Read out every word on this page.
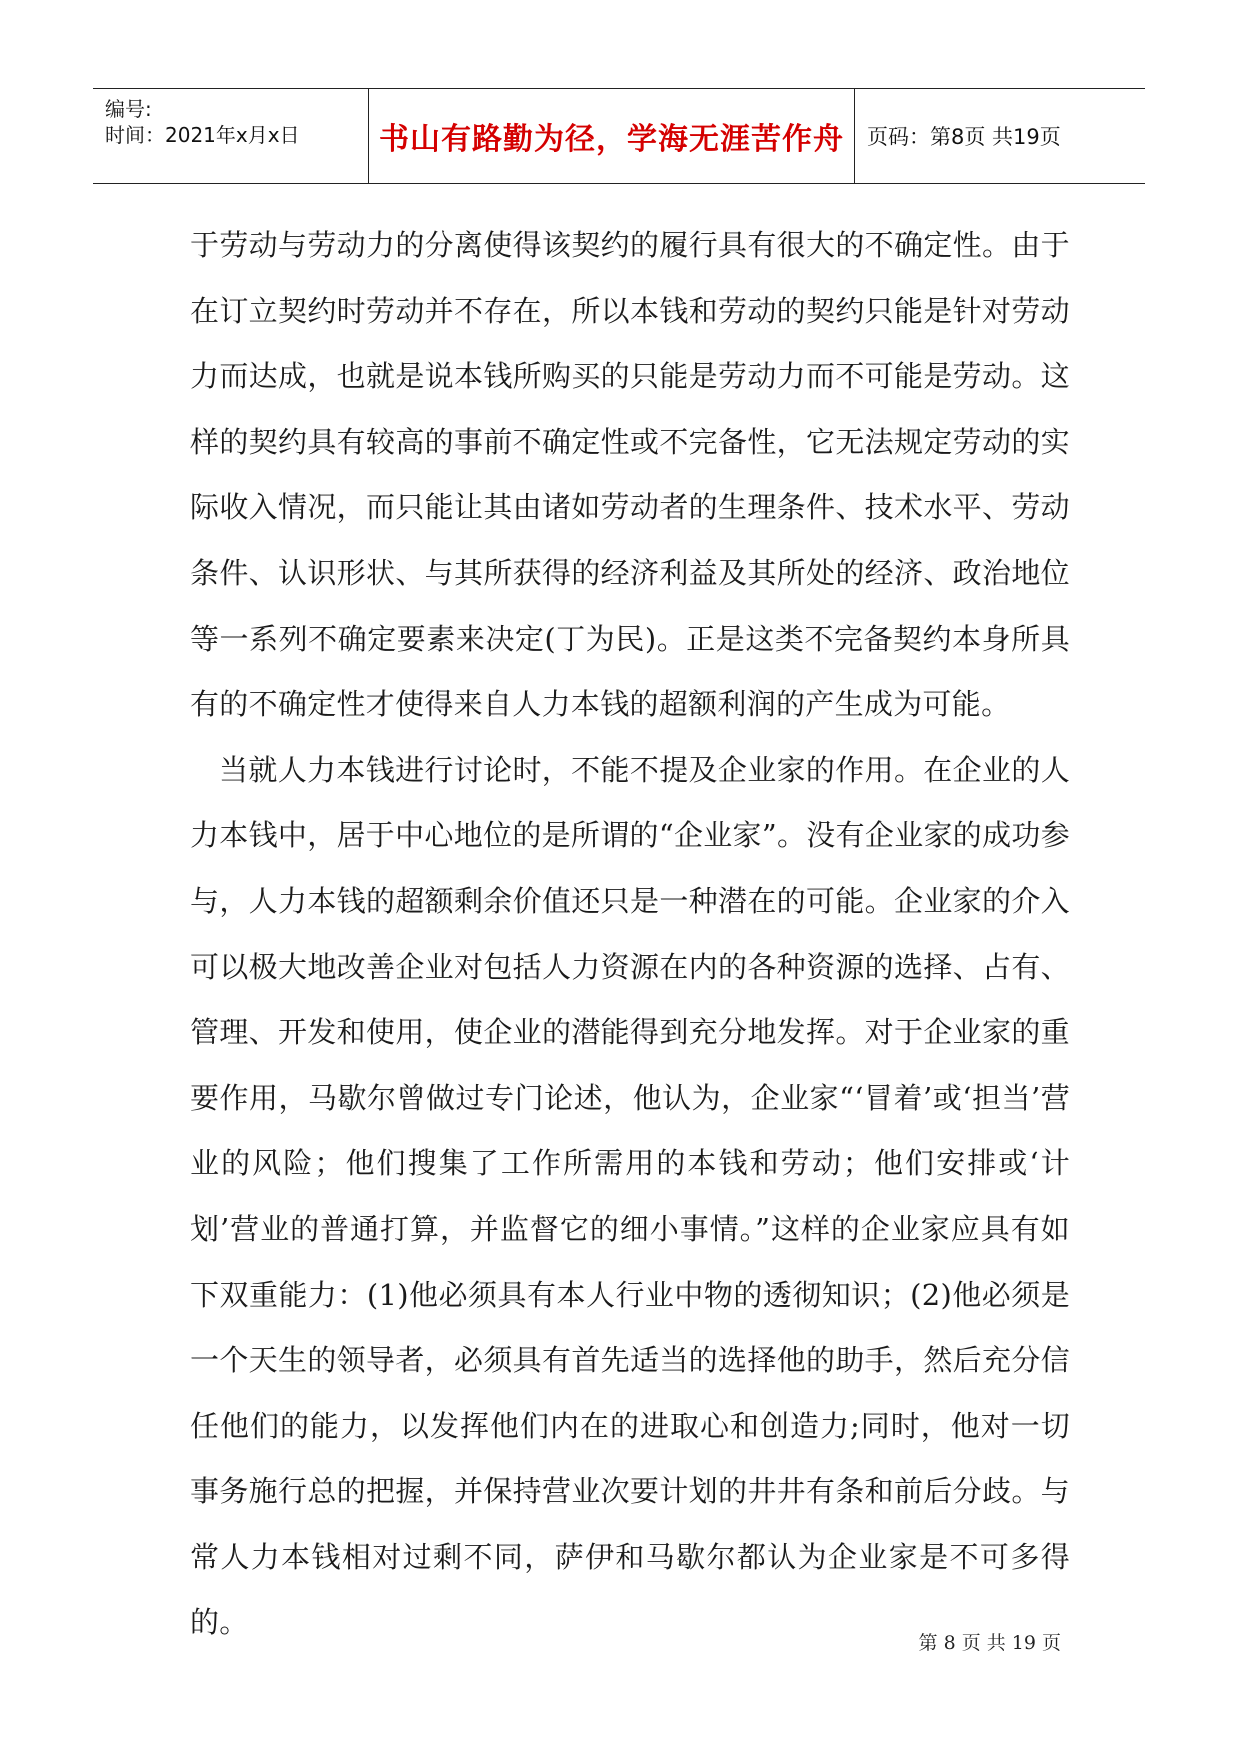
编号:
时间：2021年x月x日	书山有路勤为径，学海无涯苦作舟 页码：第8页 共19页

于劳动与劳动力的分离使得该契约的履行具有很大的不确定性。由于在订立契约时劳动并不存在，所以本钱和劳动的契约只能是针对劳动力而达成，也就是说本钱所购买的只能是劳动力而不可能是劳动。这样的契约具有较高的事前不确定性或不完备性，它无法规定劳动的实际收入情况，而只能让其由诸如劳动者的生理条件、技术水平、劳动条件、认识形状、与其所获得的经济利益及其所处的经济、政治地位等一系列不确定要素来决定(丁为民)。正是这类不完备契约本身所具有的不确定性才使得来自人力本钱的超额利润的产生成为可能。

当就人力本钱进行讨论时，不能不提及企业家的作用。在企业的人力本钱中，居于中心地位的是所谓的“企业家”。没有企业家的成功参与，人力本钱的超额剩余价值还只是一种潜在的可能。企业家的介入可以极大地改善企业对包括人力资源在内的各种资源的选择、占有、管理、开发和使用，使企业的潜能得到充分地发挥。对于企业家的重要作用，马歇尔曾做过专门论述，他认为，企业家“‘冒着’或‘担当’营业的风险；他们搜集了工作所需用的本钱和劳动；他们安排或‘计划’营业的普通打算，并监督它的细小事情。”这样的企业家应具有如下双重能力：(1)他必须具有本人行业中物的透彻知识；(2)他必须是一个天生的领导者，必须具有首先适当的选择他的助手，然后充分信任他们的能力，以发挥他们内在的进取心和创造力;同时，他对一切事务施行总的把握，并保持营业次要计划的井井有条和前后分歧。与常人力本钱相对过剩不同，萨伊和马歇尔都认为企业家是不可多得的。

第 8 页 共 19 页
